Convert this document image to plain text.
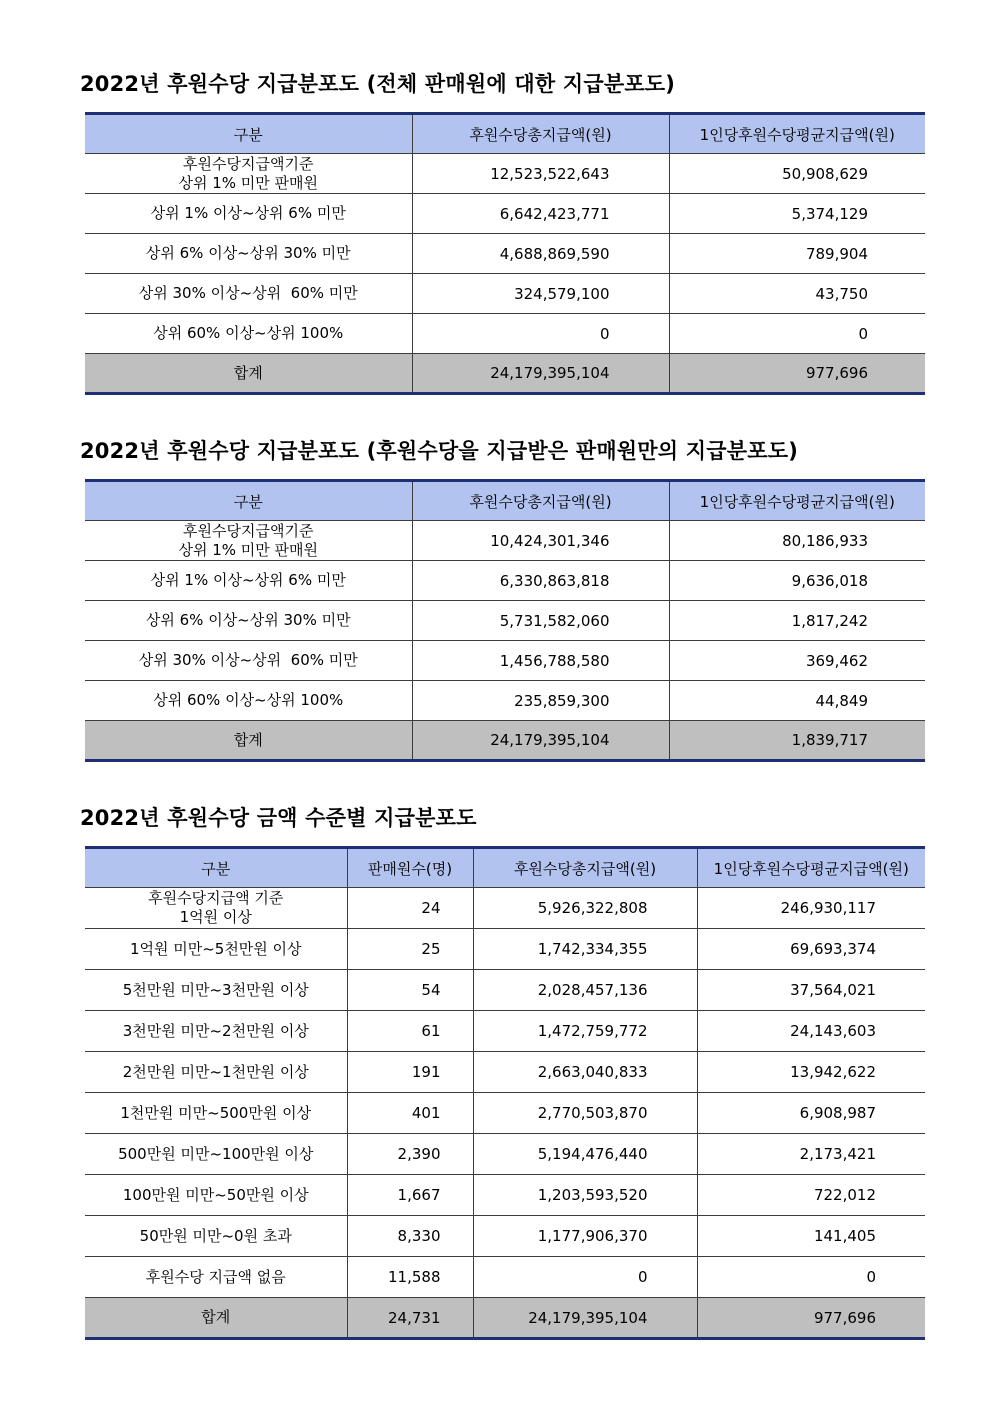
2022년 후원수당 지급분포도 (전체 판매원에 대한 지급분포도)
구분	후원수당총지급액(원)	1인당후원수당평균지급액(원)

후원수당지급액기준
상위 1% 미만 판매원	12,523,522,643	50,908,629
상위 1% 이상~상위 6% 미만	6,642,423,771	5,374,129
상위 6% 이상~상위 30% 미만	4,688,869,590	789,904
상위 30% 이상~상위  60% 미만	324,579,100	43,750
상위 60% 이상~상위 100%	0	0
합계	24,179,395,104	977,696
2022년 후원수당 지급분포도 (후원수당을 지급받은 판매원만의 지급분포도)
구분	후원수당총지급액(원)	1인당후원수당평균지급액(원)

후원수당지급액기준
상위 1% 미만 판매원	10,424,301,346	80,186,933
상위 1% 이상~상위 6% 미만	6,330,863,818	9,636,018
상위 6% 이상~상위 30% 미만	5,731,582,060	1,817,242
상위 30% 이상~상위  60% 미만	1,456,788,580	369,462
상위 60% 이상~상위 100%	235,859,300	44,849
합계	24,179,395,104	1,839,717
2022년 후원수당 금액 수준별 지급분포도
구분	판매원수(명)	후원수당총지급액(원)	1인당후원수당평균지급액(원)

후원수당지급액 기준
1억원 이상	24	5,926,322,808	246,930,117
1억원 미만~5천만원 이상	25	1,742,334,355	69,693,374
5천만원 미만~3천만원 이상	54	2,028,457,136	37,564,021
3천만원 미만~2천만원 이상	61	1,472,759,772	24,143,603
2천만원 미만~1천만원 이상	191	2,663,040,833	13,942,622
1천만원 미만~500만원 이상	401	2,770,503,870	6,908,987
500만원 미만~100만원 이상	2,390	5,194,476,440	2,173,421
100만원 미만~50만원 이상	1,667	1,203,593,520	722,012
50만원 미만~0원 초과	8,330	1,177,906,370	141,405
후원수당 지급액 없음	11,588	0	0
합계	24,731	24,179,395,104	977,696
